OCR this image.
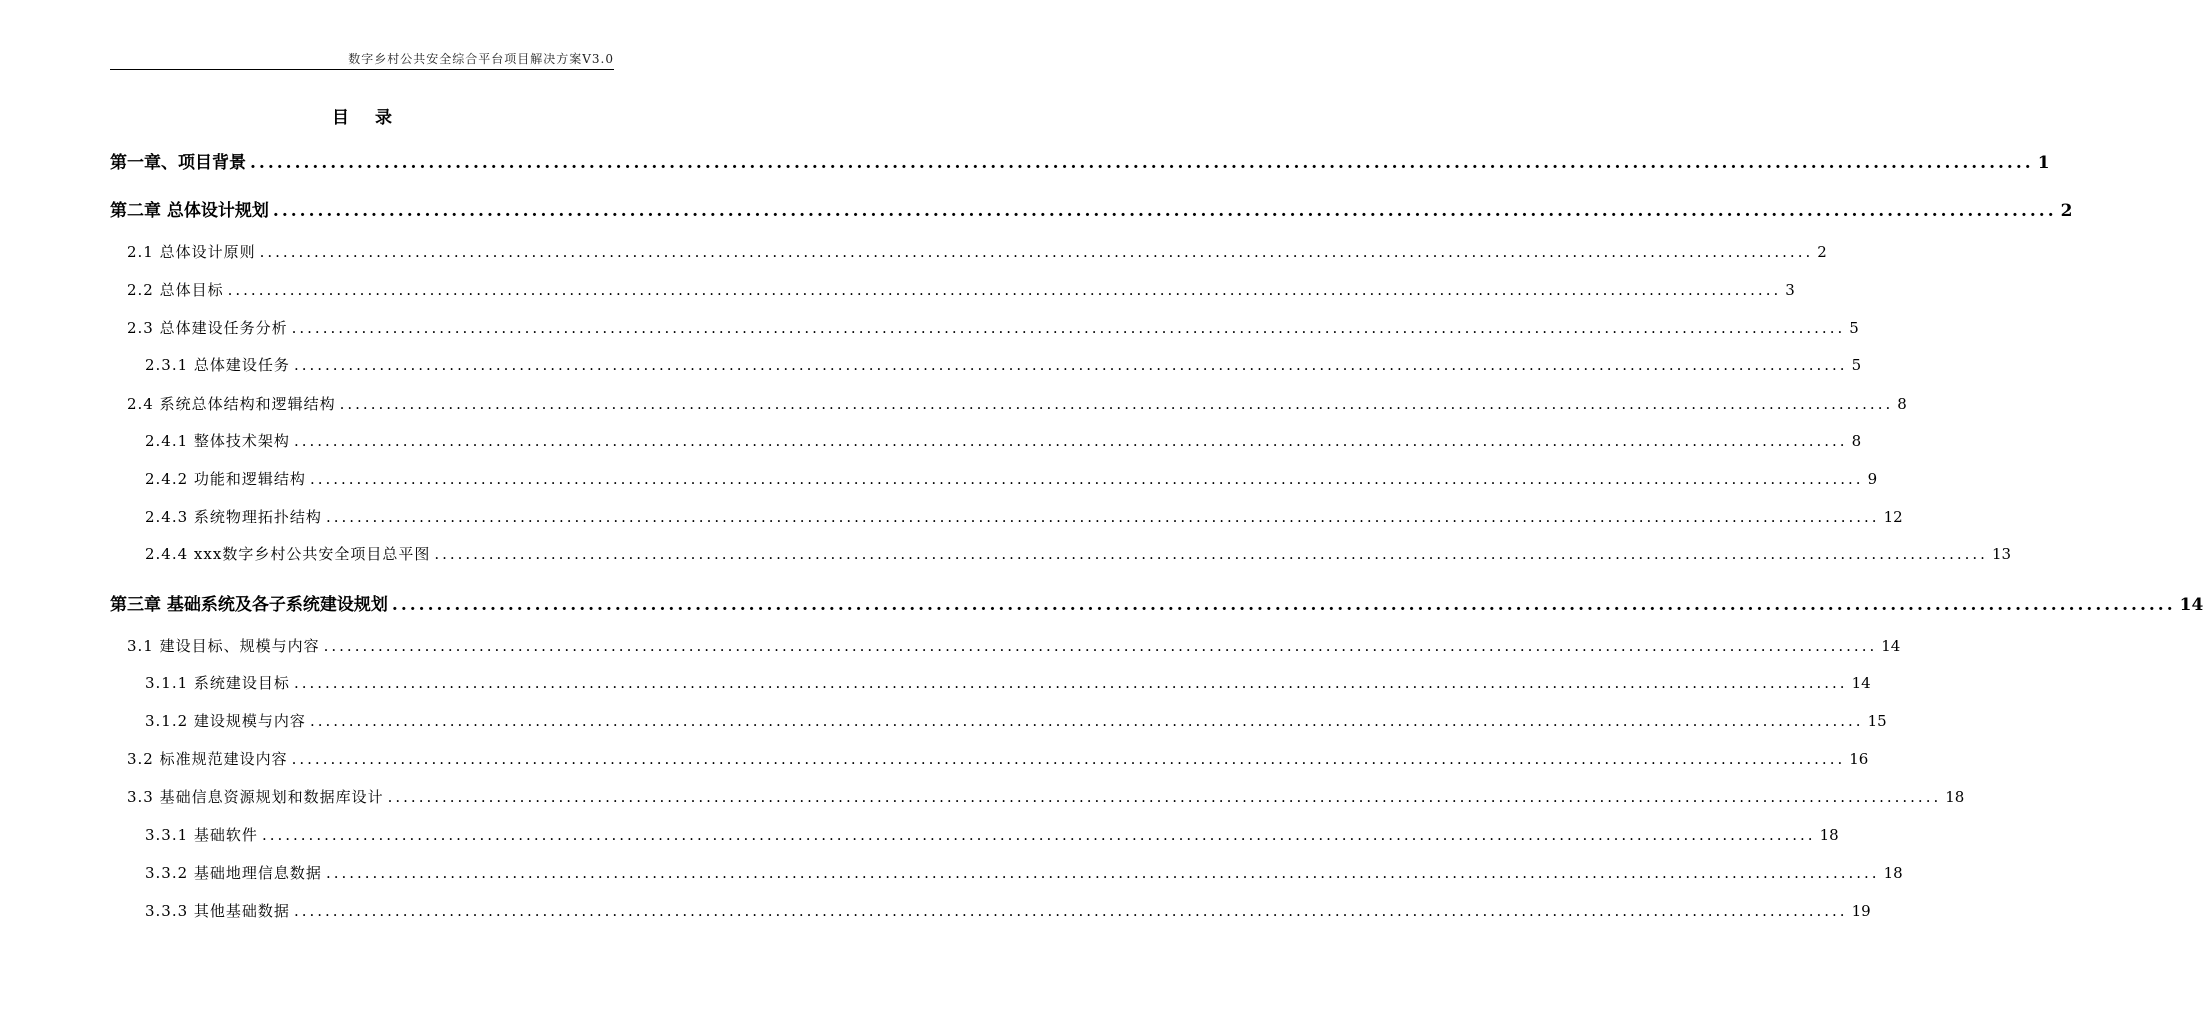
数字乡村公共安全综合平台项目解决方案V3.0
目录
第一章、项目背景 ........................................................................................................................................................................................................ 1
第二章 总体设计规划 ........................................................................................................................................................................................................ 2
2.1 总体设计原则 ........................................................................................................................................................................................................ 2
2.2 总体目标 ........................................................................................................................................................................................................ 3
2.3 总体建设任务分析 ........................................................................................................................................................................................................ 5
2.3.1 总体建设任务 ........................................................................................................................................................................................................ 5
2.4 系统总体结构和逻辑结构 ........................................................................................................................................................................................................ 8
2.4.1 整体技术架构 ........................................................................................................................................................................................................ 8
2.4.2 功能和逻辑结构 ........................................................................................................................................................................................................ 9
2.4.3 系统物理拓扑结构 ........................................................................................................................................................................................................ 12
2.4.4 xxx数字乡村公共安全项目总平图 ........................................................................................................................................................................................................ 13
第三章 基础系统及各子系统建设规划 ........................................................................................................................................................................................................ 14
3.1 建设目标、规模与内容 ........................................................................................................................................................................................................ 14
3.1.1 系统建设目标 ........................................................................................................................................................................................................ 14
3.1.2 建设规模与内容 ........................................................................................................................................................................................................ 15
3.2 标准规范建设内容 ........................................................................................................................................................................................................ 16
3.3 基础信息资源规划和数据库设计 ........................................................................................................................................................................................................ 18
3.3.1 基础软件 ........................................................................................................................................................................................................ 18
3.3.2 基础地理信息数据 ........................................................................................................................................................................................................ 18
3.3.3 其他基础数据 ........................................................................................................................................................................................................ 19
